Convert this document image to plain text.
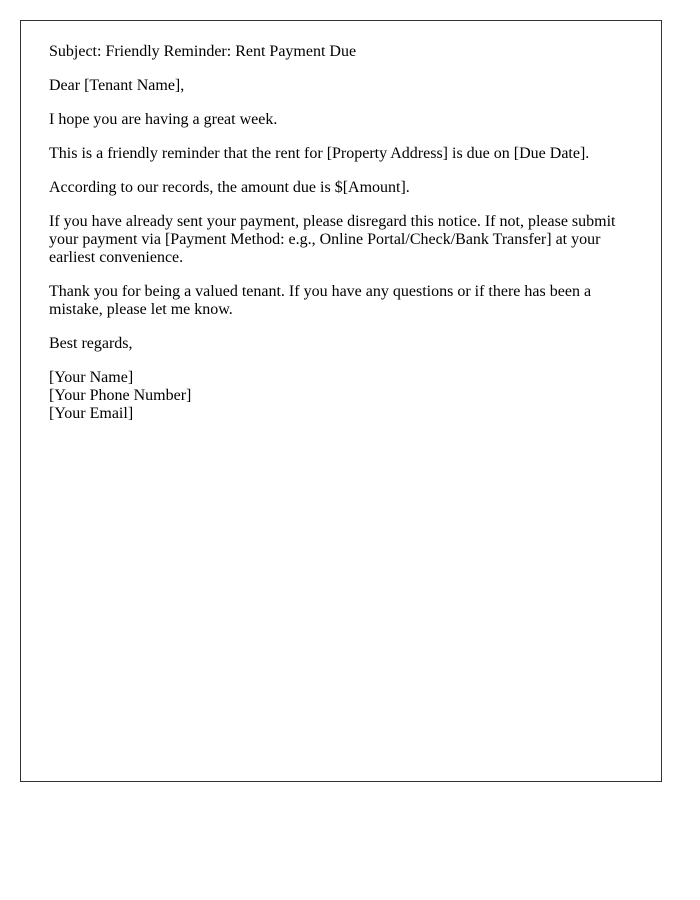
Subject: Friendly Reminder: Rent Payment Due

Dear [Tenant Name],

I hope you are having a great week.

This is a friendly reminder that the rent for [Property Address] is due on [Due Date].

According to our records, the amount due is $[Amount].

If you have already sent your payment, please disregard this notice. If not, please submit your payment via [Payment Method: e.g., Online Portal/Check/Bank Transfer] at your earliest convenience.

Thank you for being a valued tenant. If you have any questions or if there has been a mistake, please let me know.

Best regards,

[Your Name]

[Your Phone Number]

[Your Email]
